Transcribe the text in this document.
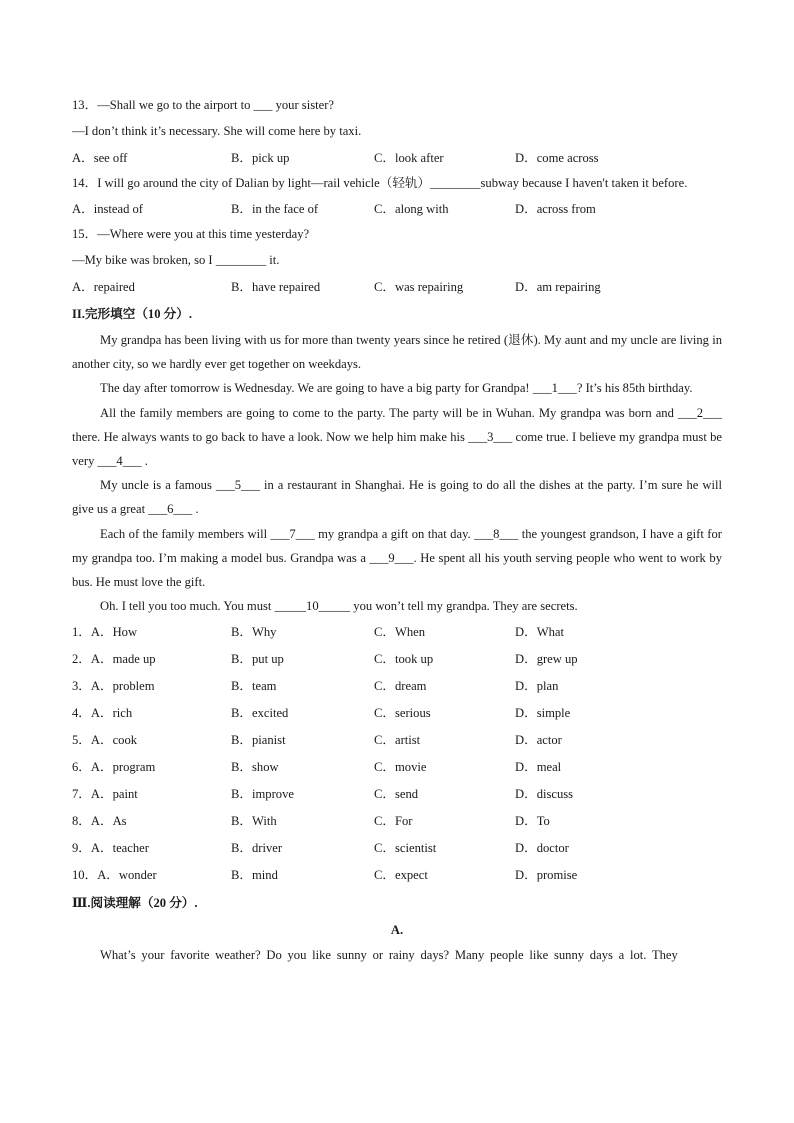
13．—Shall we go to the airport to ___ your sister?
—I don’t think it’s necessary. She will come here by taxi.
A．see off	B．pick up	C．look after	D．come across

14．I will go around the city of Dalian by light—rail vehicle（轻轨）________subway because I haven't taken it before.

A．instead of	B．in the face of	C．along with	D．across from
15．—Where were you at this time yesterday?
—My bike was broken, so I ________ it.
A．repaired	B．have repaired	C．was repairing	D．am repairing
II.完形填空（10 分）.

My grandpa has been living with us for more than twenty years since he retired (退休). My aunt and my uncle are living in another city, so we hardly ever get together on weekdays.

The day after tomorrow is Wednesday. We are going to have a big party for Grandpa! ___1___? It’s his 85th birthday.

All the family members are going to come to the party. The party will be in Wuhan. My grandpa was born and ___2___ there. He always wants to go back to have a look. Now we help him make his ___3___ come true. I believe my grandpa must be very ___4___ .

My uncle is a famous ___5___ in a restaurant in Shanghai. He is going to do all the dishes at the party. I’m sure he will give us a great ___6___ .

Each of the family members will ___7___ my grandpa a gift on that day. ___8___ the youngest grandson, I have a gift for my grandpa too. I’m making a model bus. Grandpa was a ___9___. He spent all his youth serving people who went to work by bus. He must love the gift.

Oh. I tell you too much. You must _____10_____ you won’t tell my grandpa. They are secrets.

1．A．How	B．Why	C．When	D．What
2．A．made up	B．put up	C．took up	D．grew up
3．A．problem	B．team	C．dream	D．plan
4．A．rich	B．excited	C．serious	D．simple
5．A．cook	B．pianist	C．artist	D．actor
6．A．program	B．show	C．movie	D．meal
7．A．paint	B．improve	C．send	D．discuss
8．A．As	B．With	C．For	D．To
9．A．teacher	B．driver	C．scientist	D．doctor
10．A．wonder	B．mind	C．expect	D．promise
Ⅲ.阅读理解（20 分）.
A.
What’s your favorite weather? Do you like sunny or rainy days? Many people like sunny days a lot. They
